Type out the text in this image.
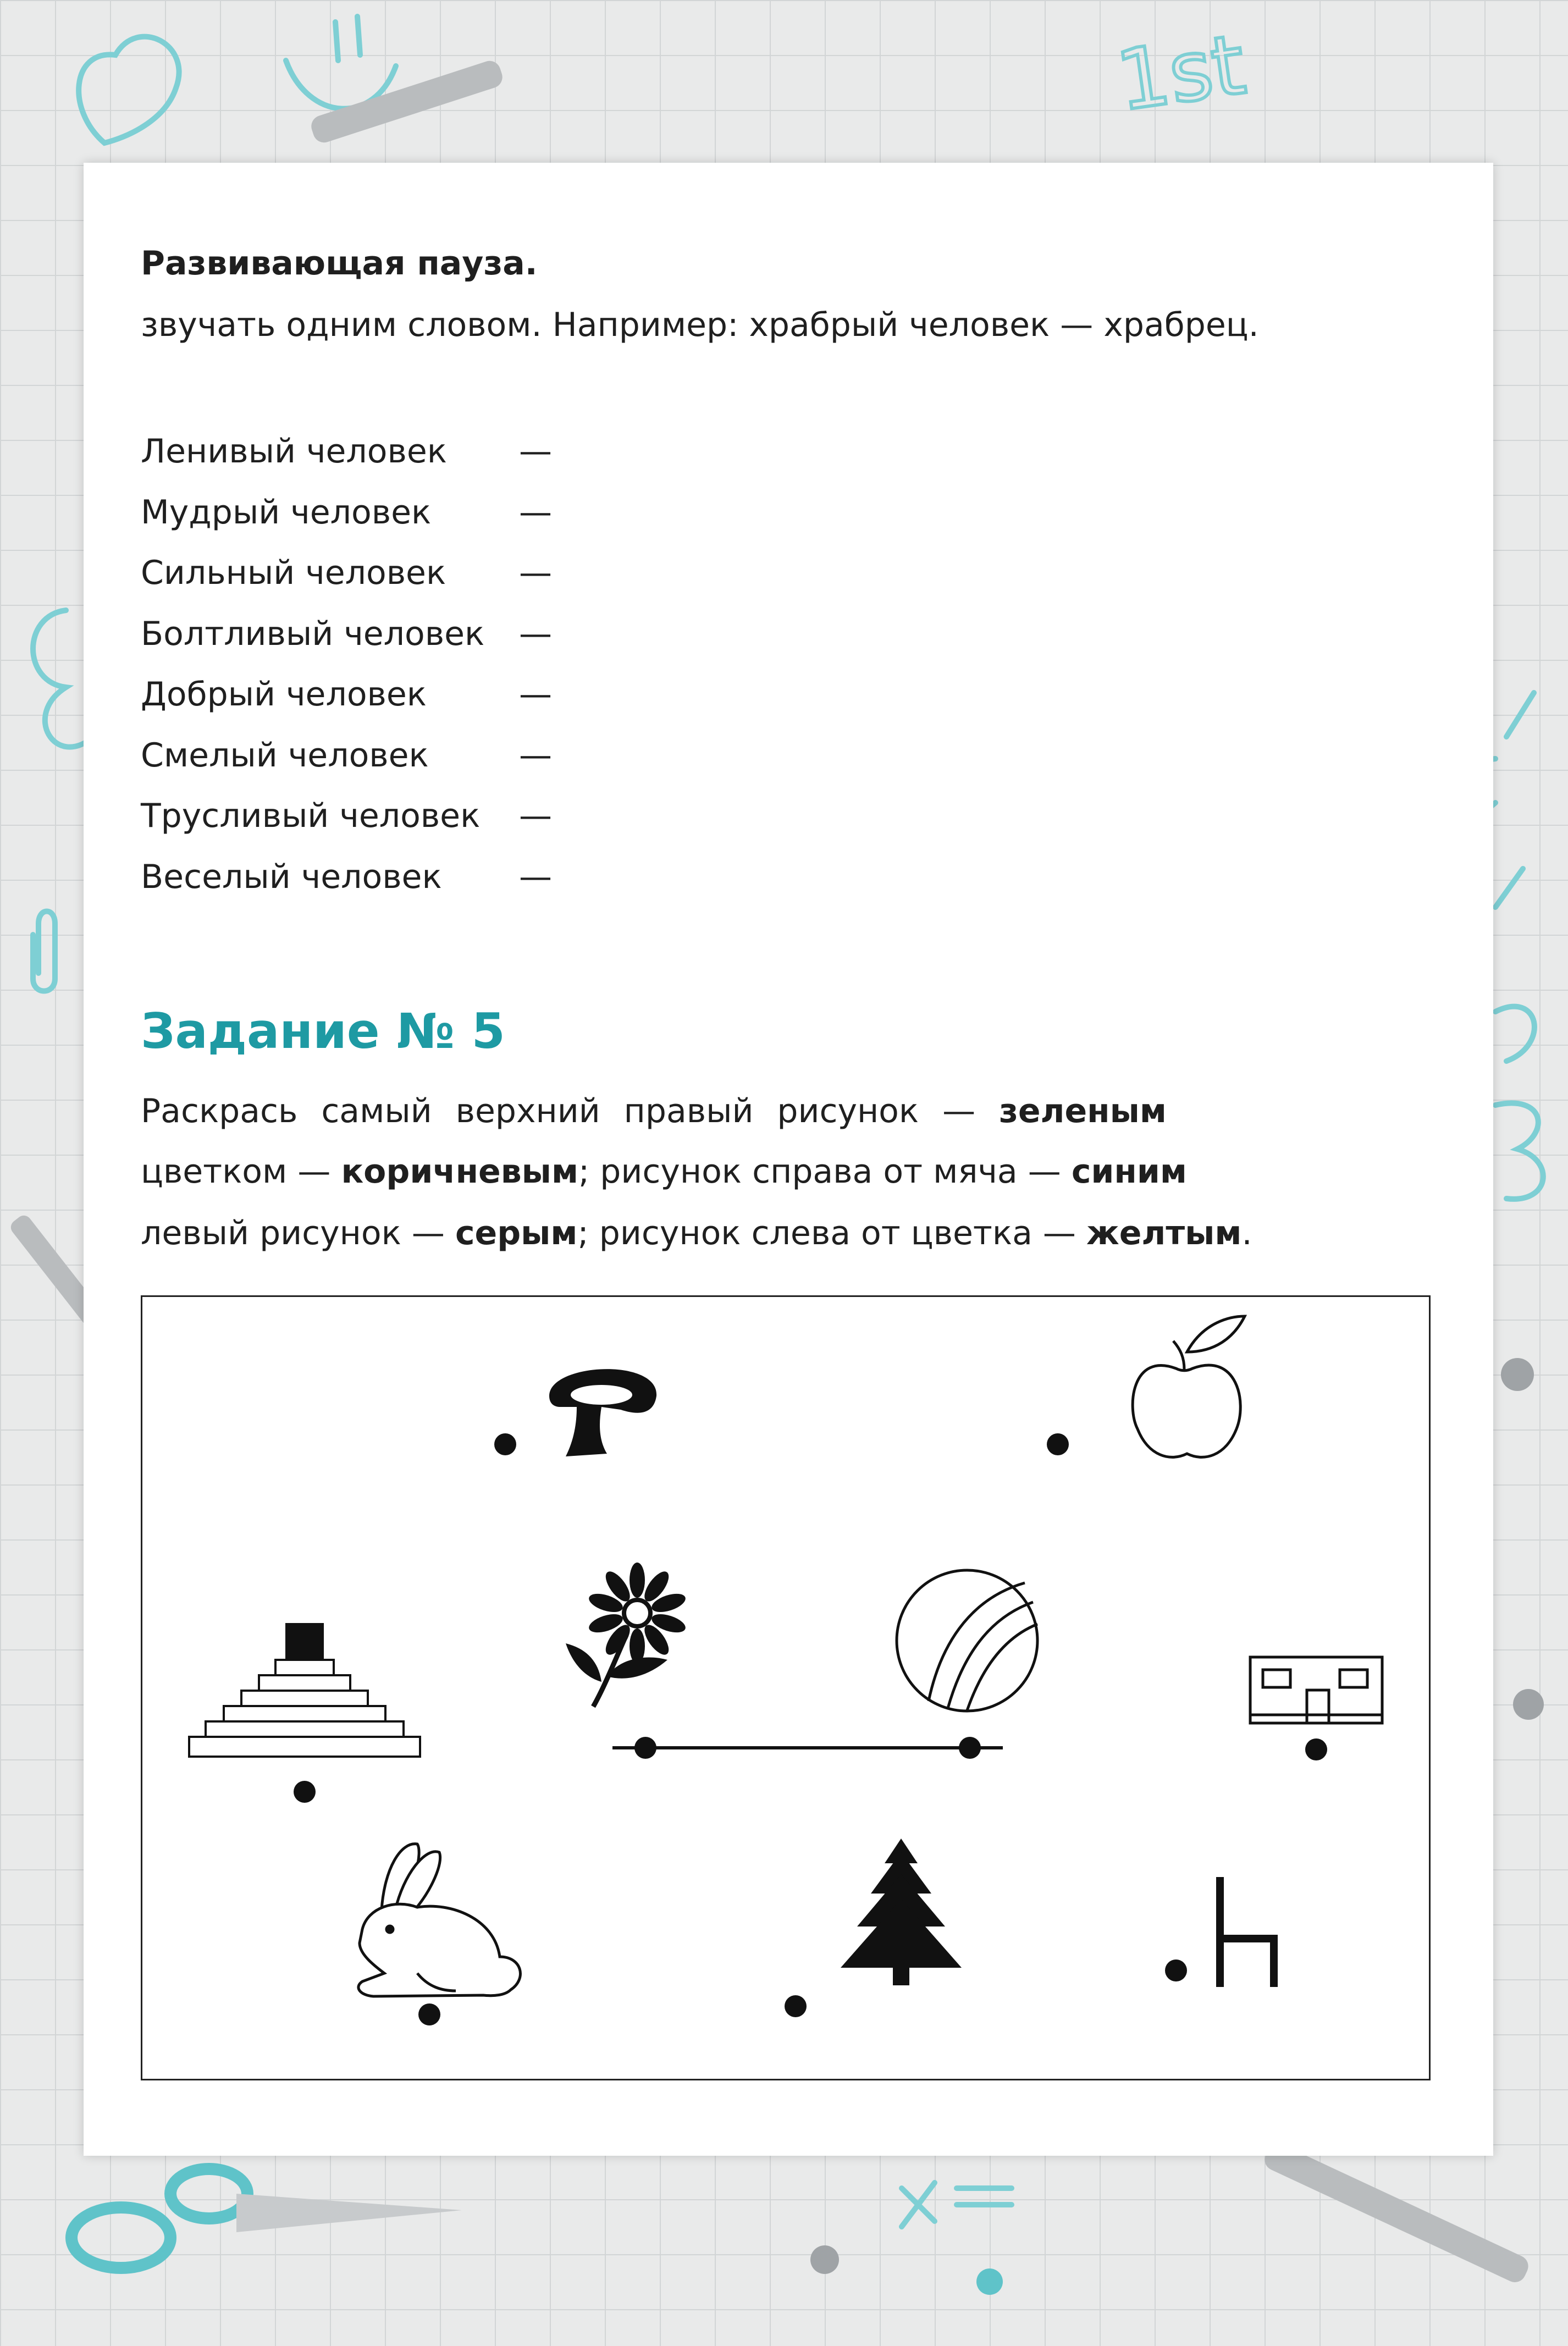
1st
Развивающая пауза.
звучать одним словом. Например: храбрый человек — храбрец.
Ленивый человек —
Мудрый человек	—
Сильный человек —
Болтливый человек —
Добрый человек	—
Смелый человек	—
Трусливый человек —
Веселый человек —
Задание № 5
Раскрась самый верхний правый рисунок — зеленым
цветком — коричневым; рисунок справа от мяча — синим
левый рисунок — серым; рисунок слева от цветка — желтым.
